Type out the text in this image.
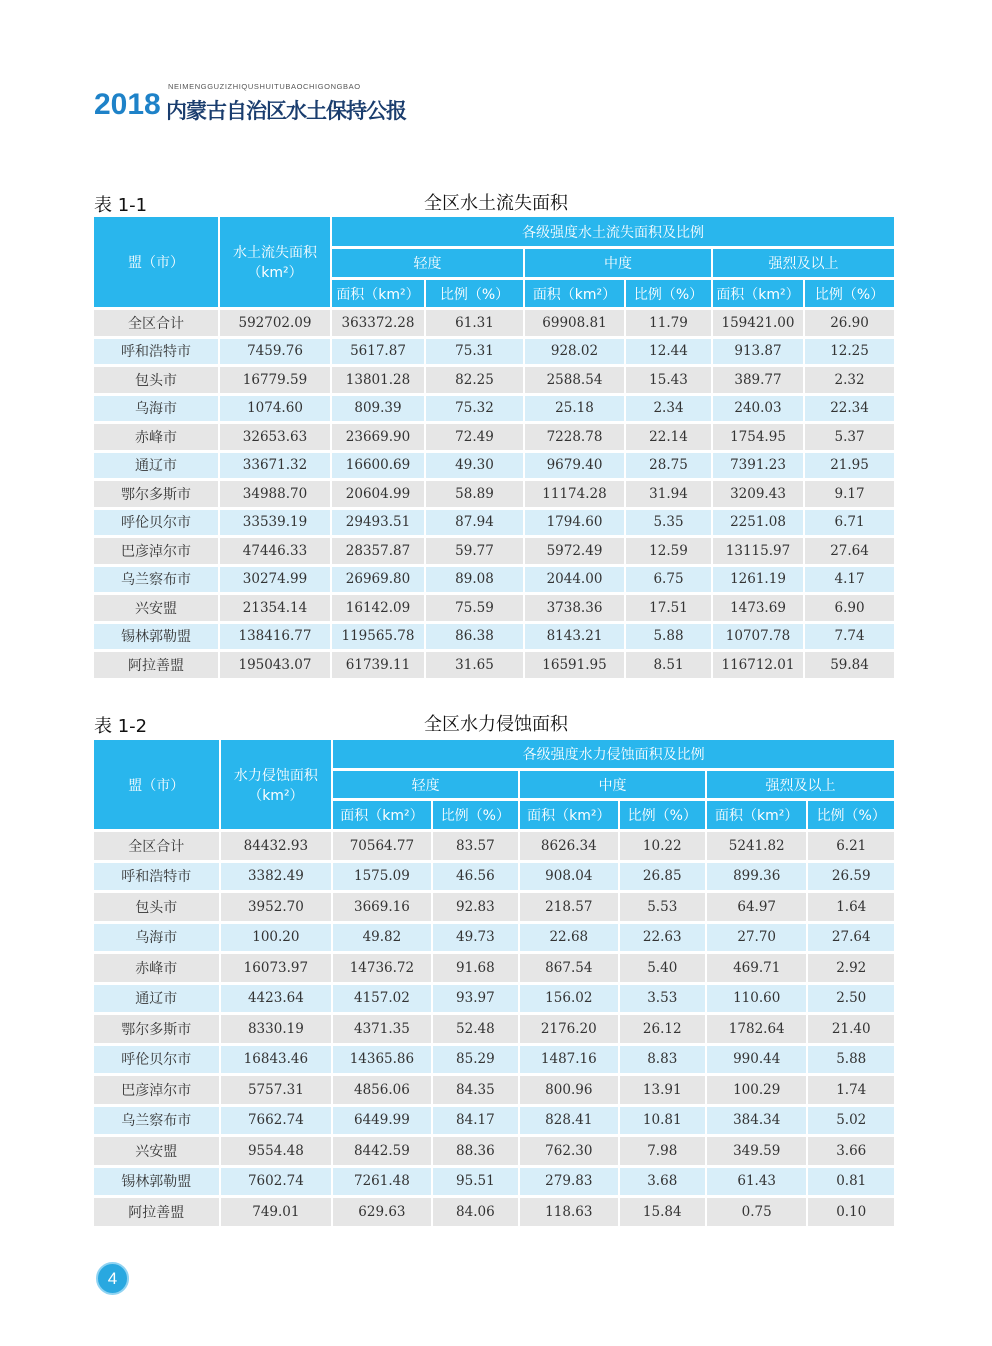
2018
NEIMENGGUZIZHIQUSHUITUBAOCHIGONGBAO
内蒙古自治区水土保持公报
全区水土流失面积
表 1-1
盟（市）	水土流失面积
（km²）	各级强度水土流失面积及比例					
		轻度		中度		强烈及以上	
		面积（km²）	比例（%）	面积（km²）	比例（%）	面积（km²）	比例（%）
全区合计	592702.09	363372.28	61.31	69908.81	11.79	159421.00	26.90
呼和浩特市	7459.76	5617.87	75.31	928.02	12.44	913.87	12.25
包头市	16779.59	13801.28	82.25	2588.54	15.43	389.77	2.32
乌海市	1074.60	809.39	75.32	25.18	2.34	240.03	22.34
赤峰市	32653.63	23669.90	72.49	7228.78	22.14	1754.95	5.37
通辽市	33671.32	16600.69	49.30	9679.40	28.75	7391.23	21.95
鄂尔多斯市	34988.70	20604.99	58.89	11174.28	31.94	3209.43	9.17
呼伦贝尔市	33539.19	29493.51	87.94	1794.60	5.35	2251.08	6.71
巴彦淖尔市	47446.33	28357.87	59.77	5972.49	12.59	13115.97	27.64
乌兰察布市	30274.99	26969.80	89.08	2044.00	6.75	1261.19	4.17
兴安盟	21354.14	16142.09	75.59	3738.36	17.51	1473.69	6.90
锡林郭勒盟	138416.77	119565.78	86.38	8143.21	5.88	10707.78	7.74
阿拉善盟	195043.07	61739.11	31.65	16591.95	8.51	116712.01	59.84
全区水力侵蚀面积
表 1-2
盟（市）	水力侵蚀面积
（km²）	各级强度水力侵蚀面积及比例					
		轻度		中度		强烈及以上	
		面积（km²）	比例（%）	面积（km²）	比例（%）	面积（km²）	比例（%）
全区合计	84432.93	70564.77	83.57	8626.34	10.22	5241.82	6.21
呼和浩特市	3382.49	1575.09	46.56	908.04	26.85	899.36	26.59
包头市	3952.70	3669.16	92.83	218.57	5.53	64.97	1.64
乌海市	100.20	49.82	49.73	22.68	22.63	27.70	27.64
赤峰市	16073.97	14736.72	91.68	867.54	5.40	469.71	2.92
通辽市	4423.64	4157.02	93.97	156.02	3.53	110.60	2.50
鄂尔多斯市	8330.19	4371.35	52.48	2176.20	26.12	1782.64	21.40
呼伦贝尔市	16843.46	14365.86	85.29	1487.16	8.83	990.44	5.88
巴彦淖尔市	5757.31	4856.06	84.35	800.96	13.91	100.29	1.74
乌兰察布市	7662.74	6449.99	84.17	828.41	10.81	384.34	5.02
兴安盟	9554.48	8442.59	88.36	762.30	7.98	349.59	3.66
锡林郭勒盟	7602.74	7261.48	95.51	279.83	3.68	61.43	0.81
阿拉善盟	749.01	629.63	84.06	118.63	15.84	0.75	0.10
4
